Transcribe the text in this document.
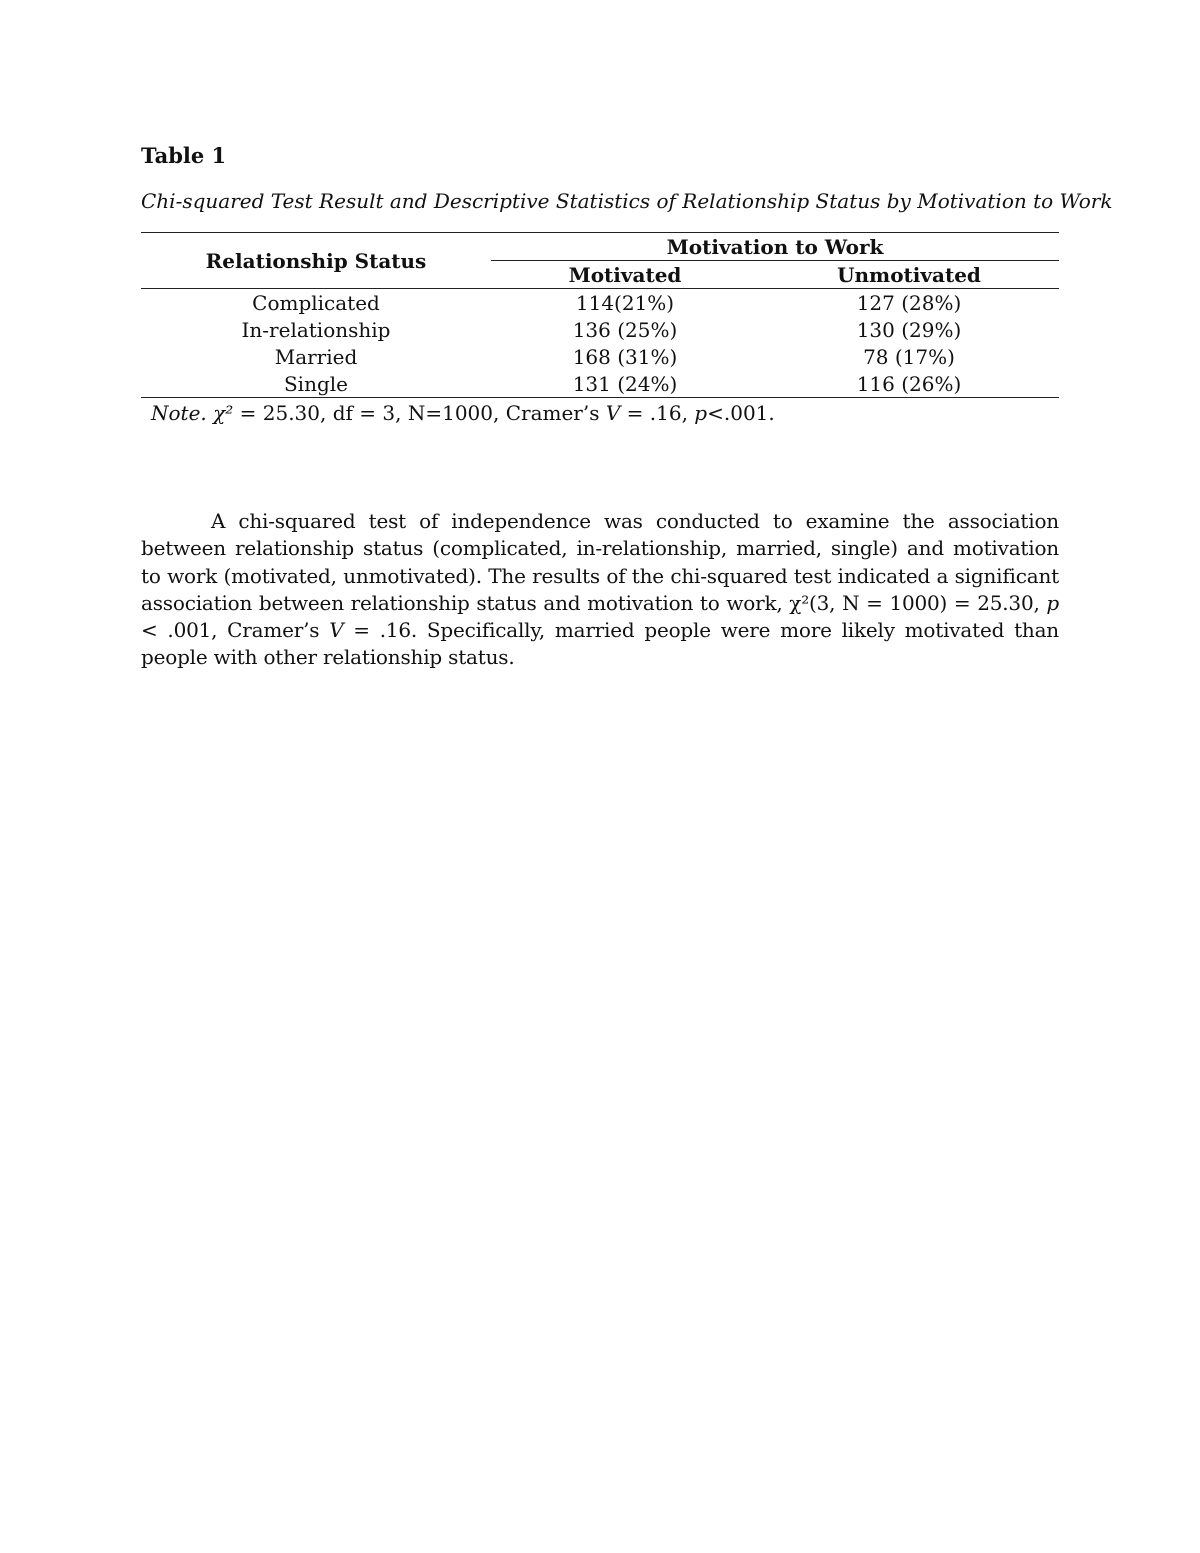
Table 1

Chi-squared Test Result and Descriptive Statistics of Relationship Status by Motivation to Work

Relationship Status	Motivation to Work	
	Motivated	Unmotivated
Complicated	114(21%)	127 (28%)
In-relationship	136 (25%)	130 (29%)
Married	168 (31%)	78 (17%)
Single	131 (24%)	116 (26%)

Note. χ² = 25.30, df = 3, N=1000, Cramer’s V = .16, p<.001.

A chi-squared test of independence was conducted to examine the association between relationship status (complicated, in-relationship, married, single) and motivation to work (motivated, unmotivated). The results of the chi-squared test indicated a significant association between relationship status and motivation to work, χ²(3, N = 1000) = 25.30, p < .001, Cramer’s V = .16. Specifically, married people were more likely motivated than people with other relationship status.
